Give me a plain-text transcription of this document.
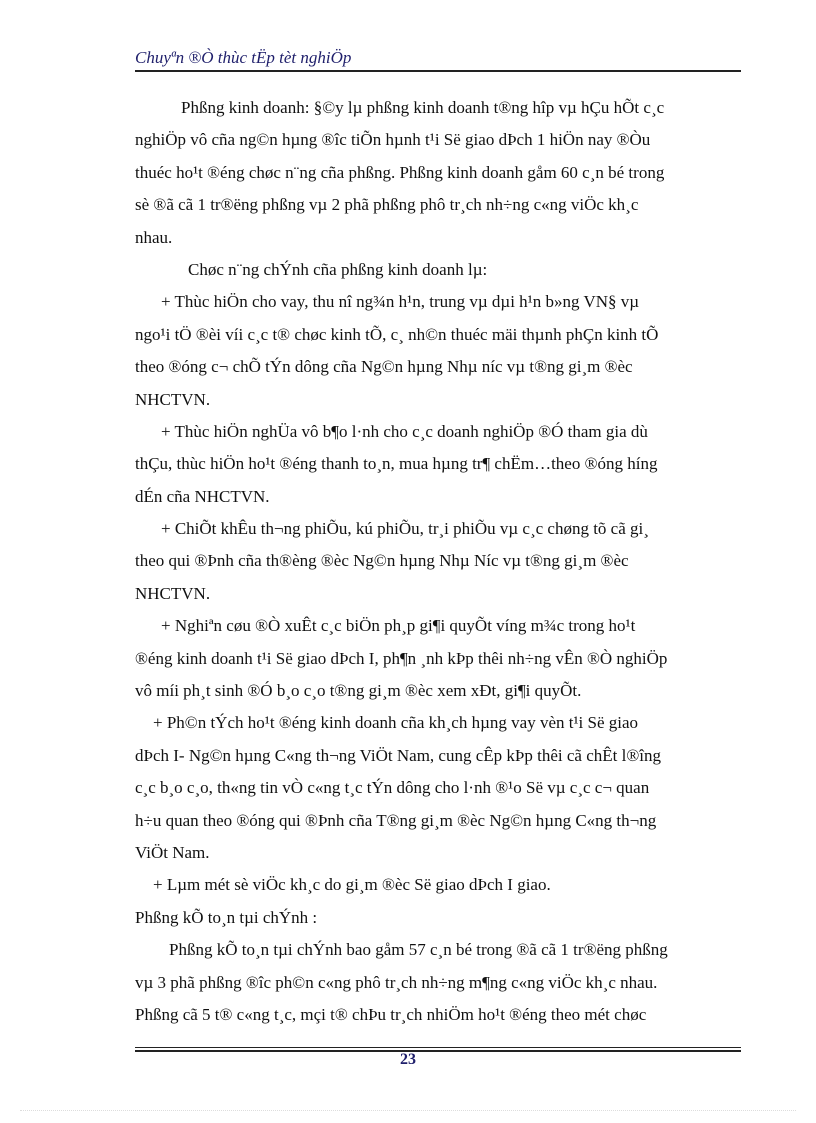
Chuyªn ®Ò thùc tËp tèt nghiÖp
Phßng kinh doanh: §©y lµ phßng kinh doanh t®ng hîp vµ hÇu hÕt c¸c
nghiÖp vô cña ng©n hµng ®îc tiÕn hµnh t¹i Së giao dÞch 1 hiÖn nay ®Òu
thuéc ho¹t ®éng chøc n¨ng cña phßng. Phßng kinh doanh gåm 60 c¸n bé trong
sè ®ã cã 1 tr®ëng phßng vµ 2 phã phßng phô tr¸ch nh÷ng c«ng viÖc kh¸c
nhau.
Chøc n¨ng chÝnh cña phßng kinh doanh lµ:
+ Thùc hiÖn cho vay, thu nî ng¾n h¹n, trung vµ dµi h¹n b»ng VN§ vµ
ngo¹i tÖ ®èi víi c¸c t® chøc kinh tÕ, c¸ nh©n thuéc mäi thµnh phÇn kinh tÕ
theo ®óng c¬ chÕ tÝn dông cña Ng©n hµng Nhµ níc vµ t®ng gi¸m ®èc
NHCTVN.
+ Thùc hiÖn nghÜa vô b¶o l·nh cho c¸c doanh nghiÖp ®Ó tham gia dù
thÇu, thùc hiÖn ho¹t ®éng thanh to¸n, mua hµng tr¶ chËm…theo ®óng híng
dÉn cña NHCTVN.
+ ChiÕt khÊu th¬ng phiÕu, kú phiÕu, tr¸i phiÕu vµ c¸c chøng tõ cã gi¸
theo qui ®Þnh cña th®èng ®èc Ng©n hµng Nhµ Níc vµ t®ng gi¸m ®èc
NHCTVN.
+ Nghiªn cøu ®Ò xuÊt c¸c biÖn ph¸p gi¶i quyÕt víng m¾c trong ho¹t
®éng kinh doanh t¹i Së giao dÞch I, ph¶n ¸nh kÞp thêi nh÷ng vÊn ®Ò nghiÖp
vô míi ph¸t sinh ®Ó b¸o c¸o t®ng gi¸m ®èc xem xÐt, gi¶i quyÕt.
+ Ph©n tÝch ho¹t ®éng kinh doanh cña kh¸ch hµng vay vèn t¹i Së giao
dÞch I- Ng©n hµng C«ng th¬ng ViÖt Nam, cung cÊp kÞp thêi cã chÊt l®îng
c¸c b¸o c¸o, th«ng tin vÒ c«ng t¸c tÝn dông cho l·nh ®¹o Së vµ c¸c c¬ quan
h÷u quan theo ®óng qui ®Þnh cña T®ng gi¸m ®èc Ng©n hµng C«ng th¬ng
ViÖt Nam.
+ Lµm mét sè viÖc kh¸c do gi¸m ®èc Së giao dÞch I giao.
Phßng kÕ to¸n tµi chÝnh :
Phßng kÕ to¸n tµi chÝnh bao gåm 57 c¸n bé trong ®ã cã 1 tr®ëng phßng
vµ 3 phã phßng ®îc ph©n c«ng phô tr¸ch nh÷ng m¶ng c«ng viÖc kh¸c nhau.
Phßng cã 5 t® c«ng t¸c, mçi t® chÞu tr¸ch nhiÖm ho¹t ®éng theo mét chøc
23
